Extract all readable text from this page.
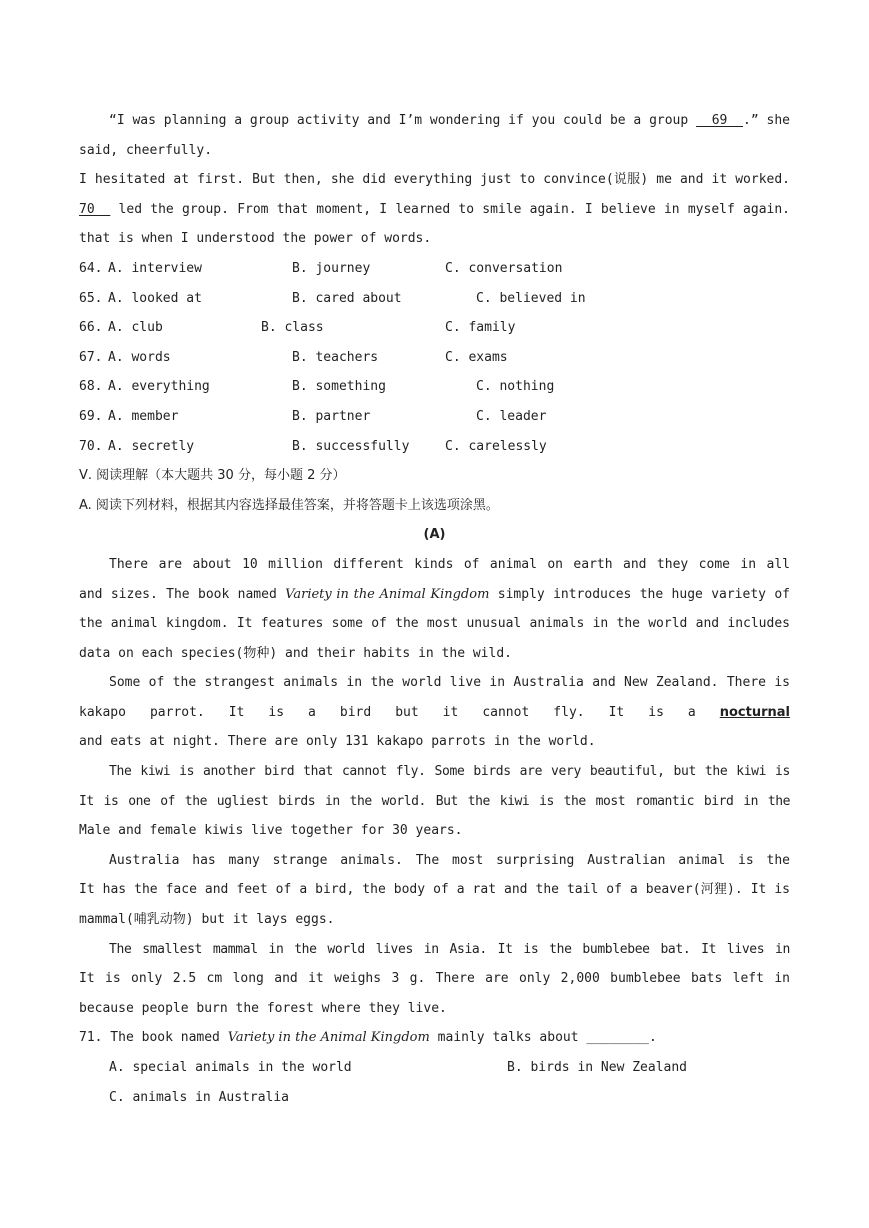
“I was planning a group activity and I’m wondering if you could be a group   69  .” she
said, cheerfully.
I hesitated at first. But then, she did everything just to convince(说服) me and it worked.
70   led the group. From that moment, I learned to smile again. I believe in myself again.
that is when I understood the power of words.
64. A. interview	B. journey	C. conversation
65. A. looked at	B. cared about	C. believed in
66. A. club	B. class	C. family
67. A. words	B. teachers	C. exams
68. A. everything	B. something	C. nothing
69. A. member	B. partner	C. leader
70. A. secretly	B. successfully	C. carelessly
Ⅴ. 阅读理解（本大题共 30 分，每小题 2 分）
A. 阅读下列材料，根据其内容选择最佳答案，并将答题卡上该选项涂黑。
(A)
There are about 10 million different kinds of animal on earth and they come in all
and sizes. The book named Variety in the Animal Kingdom simply introduces the huge variety of
the animal kingdom. It features some of the most unusual animals in the world and includes
data on each species(物种) and their habits in the wild.
Some of the strangest animals in the world live in Australia and New Zealand. There is
kakapo parrot. It is a bird but it cannot fly. It is a nocturnal
and eats at night. There are only 131 kakapo parrots in the world.
The kiwi is another bird that cannot fly. Some birds are very beautiful, but the kiwi is
It is one of the ugliest birds in the world. But the kiwi is the most romantic bird in the
Male and female kiwis live together for 30 years.
Australia has many strange animals. The most surprising Australian animal is the
It has the face and feet of a bird, the body of a rat and the tail of a beaver(河狸). It is
mammal(哺乳动物) but it lays eggs.
The smallest mammal in the world lives in Asia. It is the bumblebee bat. It lives in
It is only 2.5 cm long and it weighs 3 g. There are only 2,000 bumblebee bats left in
because people burn the forest where they live.
71. The book named Variety in the Animal Kingdom mainly talks about ________.
A. special animals in the world	B. birds in New Zealand
C. animals in Australia
